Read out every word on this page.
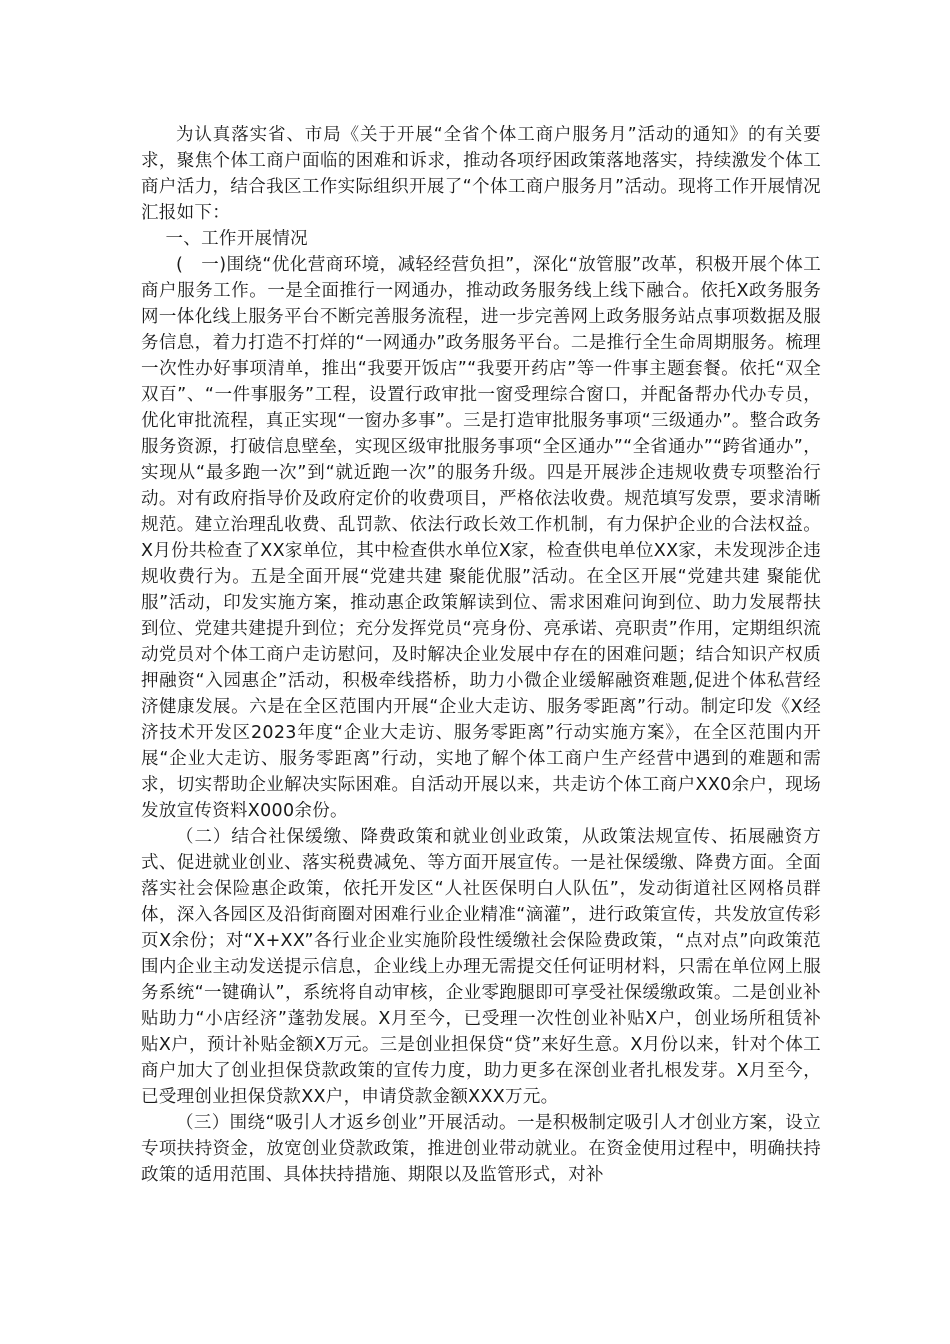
为认真落实省、市局《关于开展“全省个体工商户服务月”活动的通知》的有关要求，聚焦个体工商户面临的困难和诉求，推动各项纾困政策落地落实，持续激发个体工商户活力，结合我区工作实际组织开展了“个体工商户服务月”活动。现将工作开展情况汇报如下：

一、工作开展情况

(　一)围绕“优化营商环境，减轻经营负担”，深化“放管服”改革，积极开展个体工商户服务工作。一是全面推行一网通办，推动政务服务线上线下融合。依托X政务服务网一体化线上服务平台不断完善服务流程，进一步完善网上政务服务站点事项数据及服务信息，着力打造不打烊的“一网通办”政务服务平台。二是推行全生命周期服务。梳理一次性办好事项清单，推出“我要开饭店”“我要开药店”等一件事主题套餐。依托“双全双百”、“一件事服务”工程，设置行政审批一窗受理综合窗口，并配备帮办代办专员，优化审批流程，真正实现“一窗办多事”。三是打造审批服务事项“三级通办”。整合政务服务资源，打破信息壁垒，实现区级审批服务事项“全区通办”“全省通办”“跨省通办”，实现从“最多跑一次”到“就近跑一次”的服务升级。四是开展涉企违规收费专项整治行动。对有政府指导价及政府定价的收费项目，严格依法收费。规范填写发票，要求清晰规范。建立治理乱收费、乱罚款、依法行政长效工作机制，有力保护企业的合法权益。X月份共检查了XX家单位，其中检查供水单位X家，检查供电单位XX家，未发现涉企违规收费行为。五是全面开展“党建共建 聚能优服”活动。在全区开展“党建共建 聚能优服”活动，印发实施方案，推动惠企政策解读到位、需求困难问询到位、助力发展帮扶到位、党建共建提升到位；充分发挥党员“亮身份、亮承诺、亮职责”作用，定期组织流动党员对个体工商户走访慰问，及时解决企业发展中存在的困难问题；结合知识产权质押融资“入园惠企”活动，积极牵线搭桥，助力小微企业缓解融资难题,促进个体私营经济健康发展。六是在全区范围内开展“企业大走访、服务零距离”行动。制定印发《X经济技术开发区2023年度“企业大走访、服务零距离”行动实施方案》，在全区范围内开展“企业大走访、服务零距离”行动，实地了解个体工商户生产经营中遇到的难题和需求，切实帮助企业解决实际困难。自活动开展以来，共走访个体工商户XX0余户，现场发放宣传资料X000余份。

（二）结合社保缓缴、降费政策和就业创业政策，从政策法规宣传、拓展融资方式、促进就业创业、落实税费减免、等方面开展宣传。一是社保缓缴、降费方面。全面落实社会保险惠企政策，依托开发区“人社医保明白人队伍”，发动街道社区网格员群体，深入各园区及沿街商圈对困难行业企业精准“滴灌”，进行政策宣传，共发放宣传彩页X余份；对“X+XX”各行业企业实施阶段性缓缴社会保险费政策，“点对点”向政策范围内企业主动发送提示信息，企业线上办理无需提交任何证明材料，只需在单位网上服务系统“一键确认”，系统将自动审核，企业零跑腿即可享受社保缓缴政策。二是创业补贴助力“小店经济”蓬勃发展。X月至今，已受理一次性创业补贴X户，创业场所租赁补贴X户，预计补贴金额X万元。三是创业担保贷“贷”来好生意。X月份以来，针对个体工商户加大了创业担保贷款政策的宣传力度，助力更多在深创业者扎根发芽。X月至今，已受理创业担保贷款XX户，申请贷款金额XXX万元。

（三）围绕“吸引人才返乡创业”开展活动。一是积极制定吸引人才创业方案，设立专项扶持资金，放宽创业贷款政策，推进创业带动就业。在资金使用过程中，明确扶持政策的适用范围、具体扶持措施、期限以及监管形式，对补
